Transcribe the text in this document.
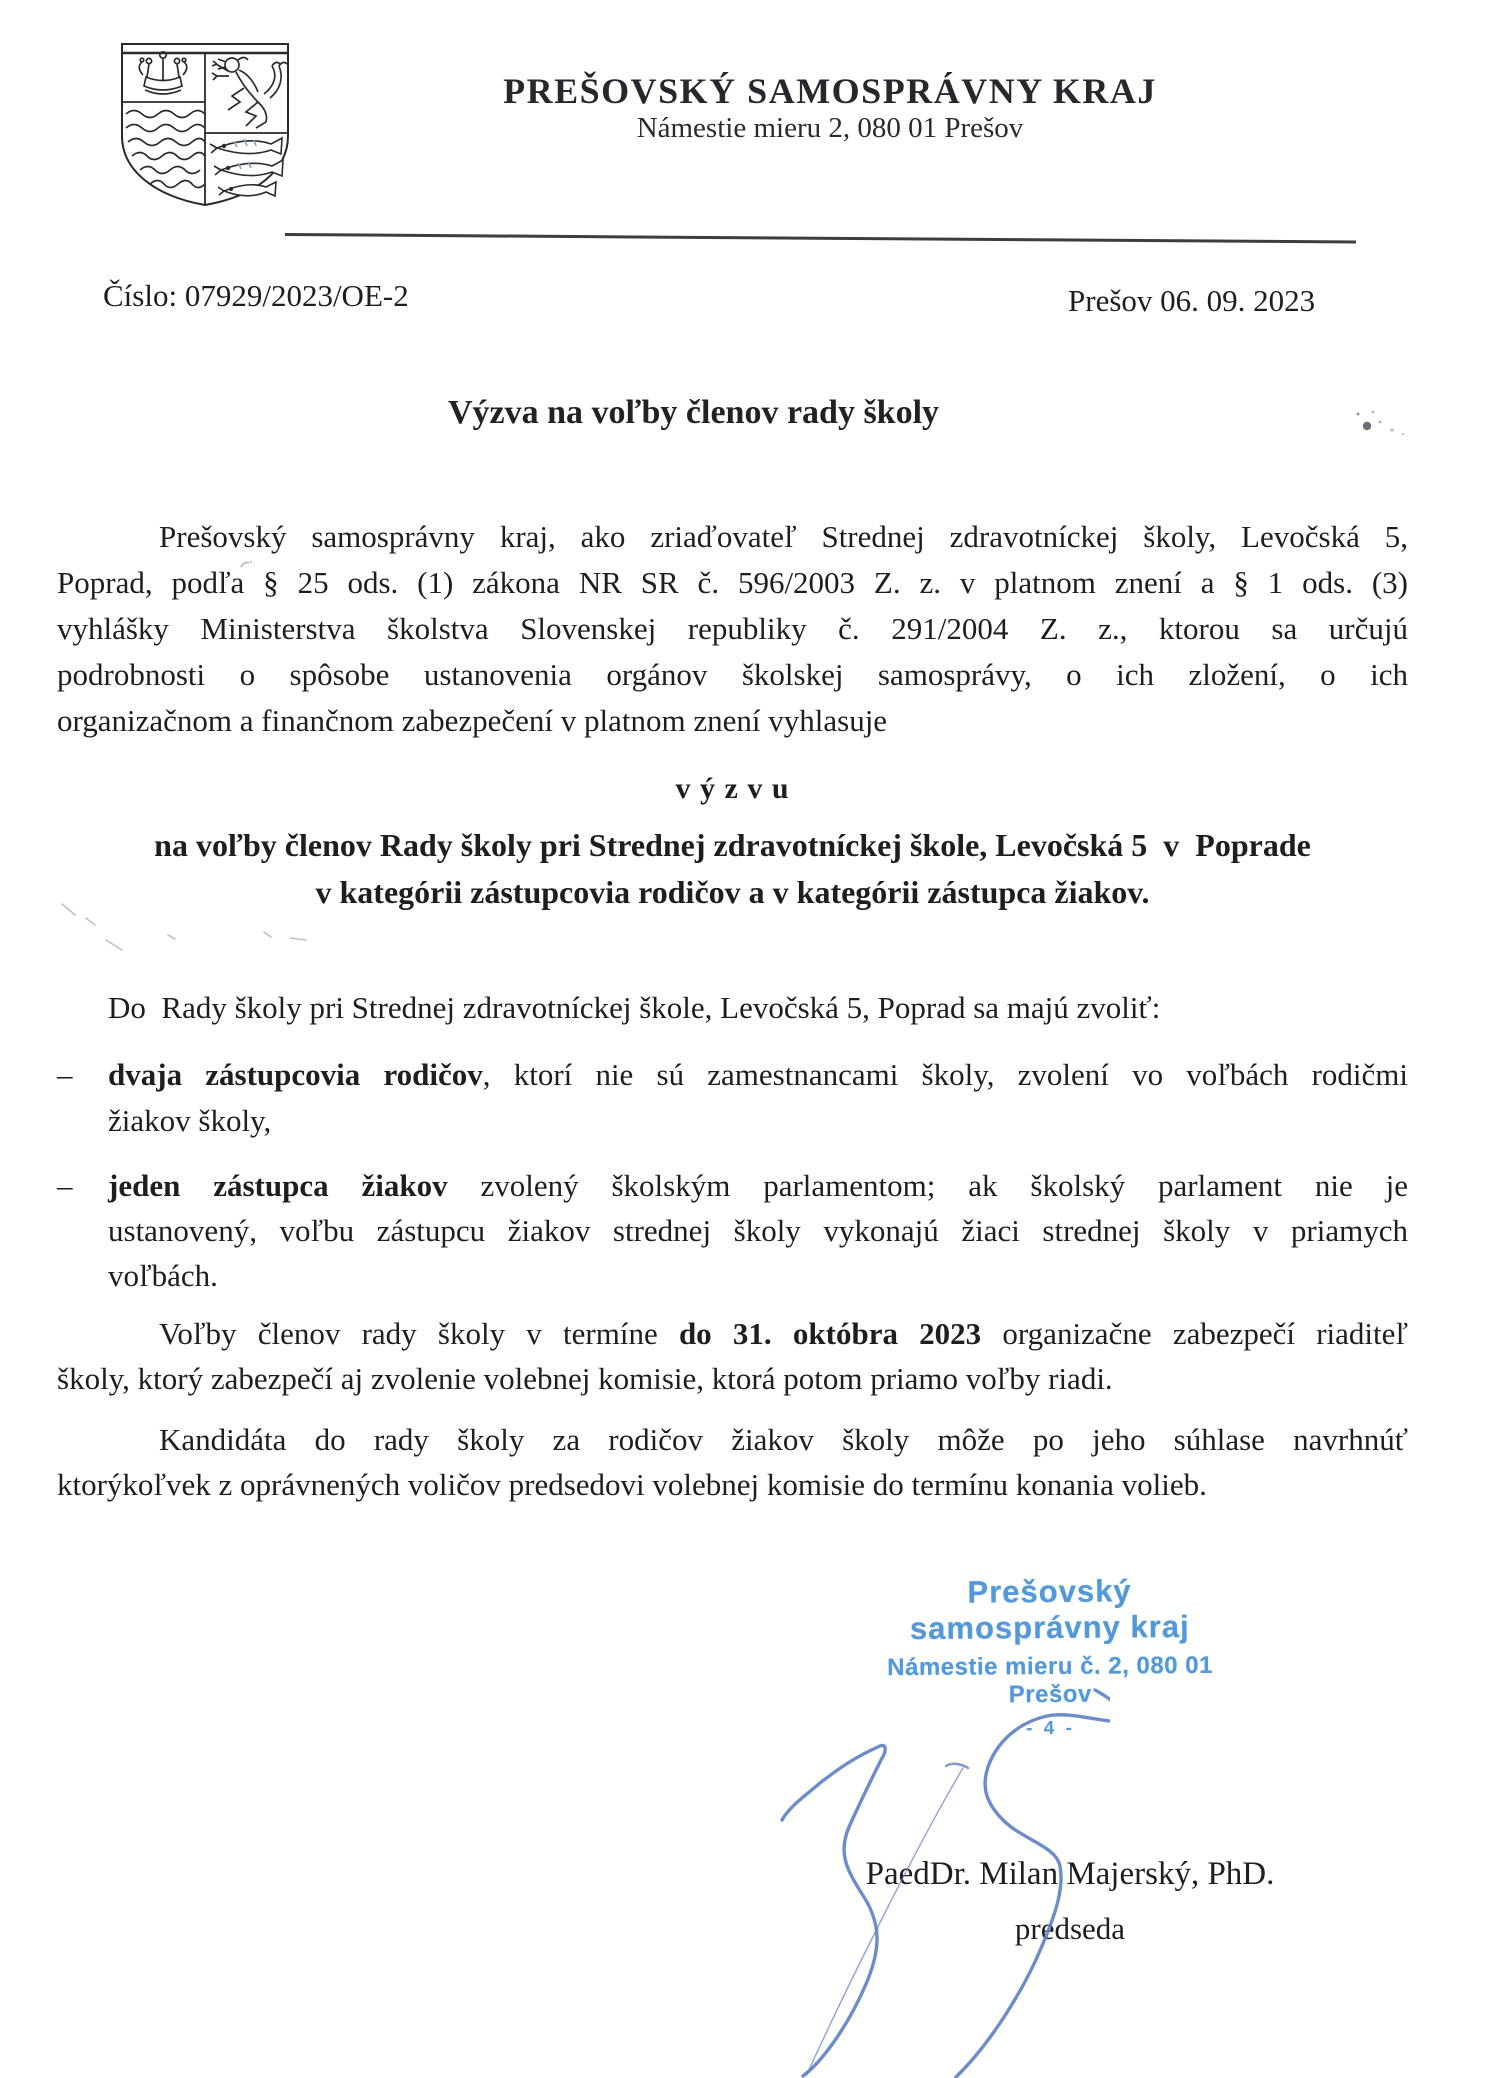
PREŠOVSKÝ SAMOSPRÁVNY KRAJ
Námestie mieru 2, 080 01 Prešov
Číslo: 07929/2023/OE-2	Prešov 06. 09. 2023
Výzva na voľby členov rady školy
Prešovský samosprávny kraj, ako zriaďovateľ Strednej zdravotníckej školy, Levočská 5,
Poprad, podľa § 25 ods. (1) zákona NR SR č. 596/2003 Z. z. v platnom znení a § 1 ods. (3)
vyhlášky Ministerstva školstva Slovenskej republiky č. 291/2004 Z. z., ktorou sa určujú
podrobnosti o spôsobe ustanovenia orgánov školskej samosprávy, o ich zložení, o ich
organizačnom a finančnom zabezpečení v platnom znení vyhlasuje
v ý z v u
na voľby členov Rady školy pri Strednej zdravotníckej škole, Levočská 5  v  Poprade
v kategórii zástupcovia rodičov a v kategórii zástupca žiakov.
Do  Rady školy pri Strednej zdravotníckej škole, Levočská 5, Poprad sa majú zvoliť:
– dvaja zástupcovia rodičov, ktorí nie sú zamestnancami školy, zvolení vo voľbách rodičmi
žiakov školy,
– jeden zástupca žiakov zvolený školským parlamentom; ak školský parlament nie je
ustanovený, voľbu zástupcu žiakov strednej školy vykonajú žiaci strednej školy v priamych
voľbách.
Voľby členov rady školy v termíne do 31. októbra 2023 organizačne zabezpečí riaditeľ
školy, ktorý zabezpečí aj zvolenie volebnej komisie, ktorá potom priamo voľby riadi.
Kandidáta do rady školy za rodičov žiakov školy môže po jeho súhlase navrhnúť
ktorýkoľvek z oprávnených voličov predsedovi volebnej komisie do termínu konania volieb.
Prešovský samosprávny kraj
Námestie mieru č. 2, 080 01 Prešov
- 4 -
PaedDr. Milan Majerský, PhD.
predseda
